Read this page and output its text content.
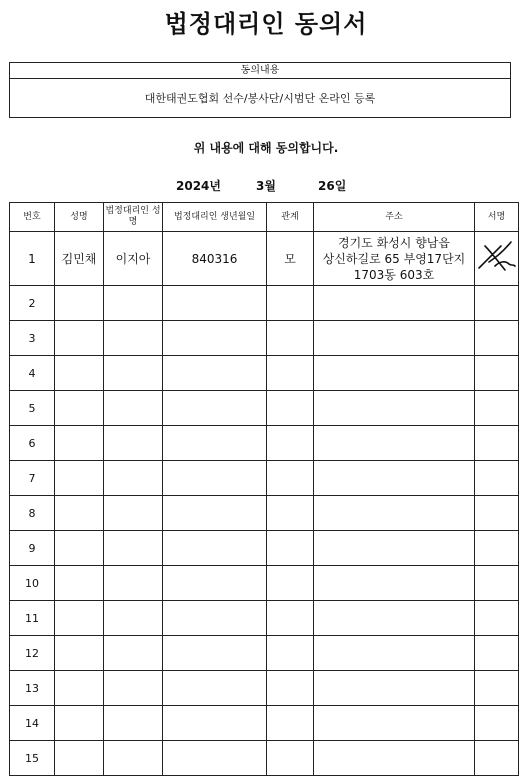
법정대리인 동의서
동의내용
대한태권도협회 선수/봉사단/시범단 온라인 등록
위 내용에 대해 동의합니다.
2024년	3월	26일
번호	성명	법정대리인 성명	법정대리인 생년월일	관계	주소	서명
1	김민채	이지아	840316	모	경기도 화성시 향남읍
상신하길로 65 부영17단지
1703동 603호

2						
3						
4						
5						
6						
7						
8						
9						
10						
11						
12						
13						
14						
15						
